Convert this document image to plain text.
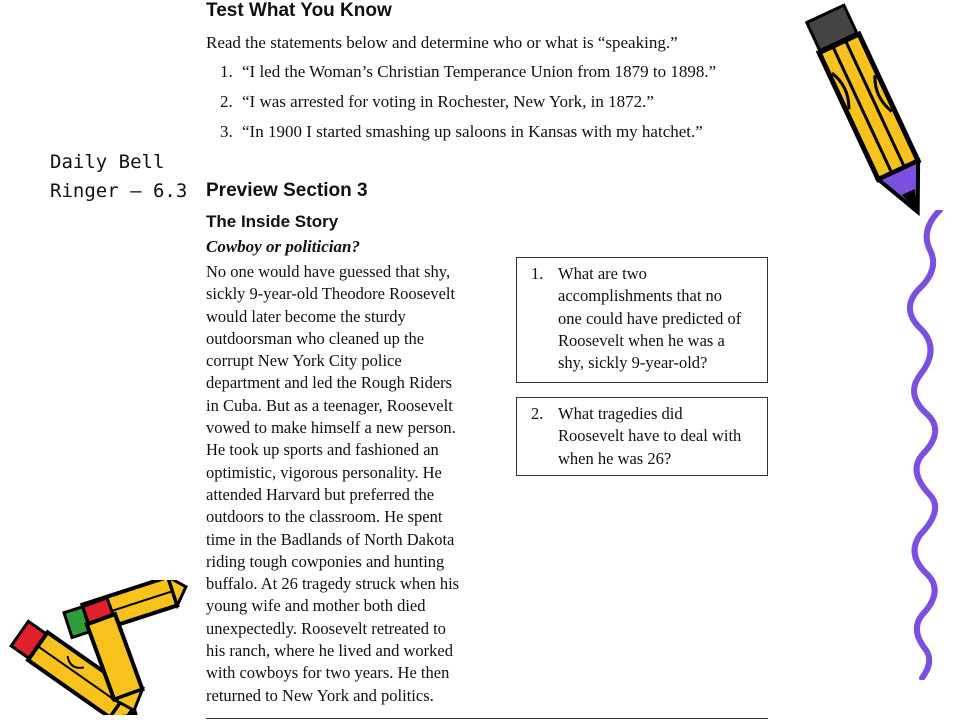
Daily Bell
Ringer – 6.3
Test What You Know
Read the statements below and determine who or what is “speaking.”
1. “I led the Woman’s Christian Temperance Union from 1879 to 1898.”
2. “I was arrested for voting in Rochester, New York, in 1872.”
3. “In 1900 I started smashing up saloons in Kansas with my hatchet.”
Preview Section 3
The Inside Story
Cowboy or politician?
No one would have guessed that shy,
sickly 9-year-old Theodore Roosevelt
would later become the sturdy
outdoorsman who cleaned up the
corrupt New York City police
department and led the Rough Riders
in Cuba. But as a teenager, Roosevelt
vowed to make himself a new person.
He took up sports and fashioned an
optimistic, vigorous personality. He
attended Harvard but preferred the
outdoors to the classroom. He spent
time in the Badlands of North Dakota
riding tough cowponies and hunting
buffalo. At 26 tragedy struck when his
young wife and mother both died
unexpectedly. Roosevelt retreated to
his ranch, where he lived and worked
with cowboys for two years. He then
returned to New York and politics.
1. What are two
accomplishments that no
one could have predicted of
Roosevelt when he was a
shy, sickly 9-year-old?
2. What tragedies did
Roosevelt have to deal with
when he was 26?
